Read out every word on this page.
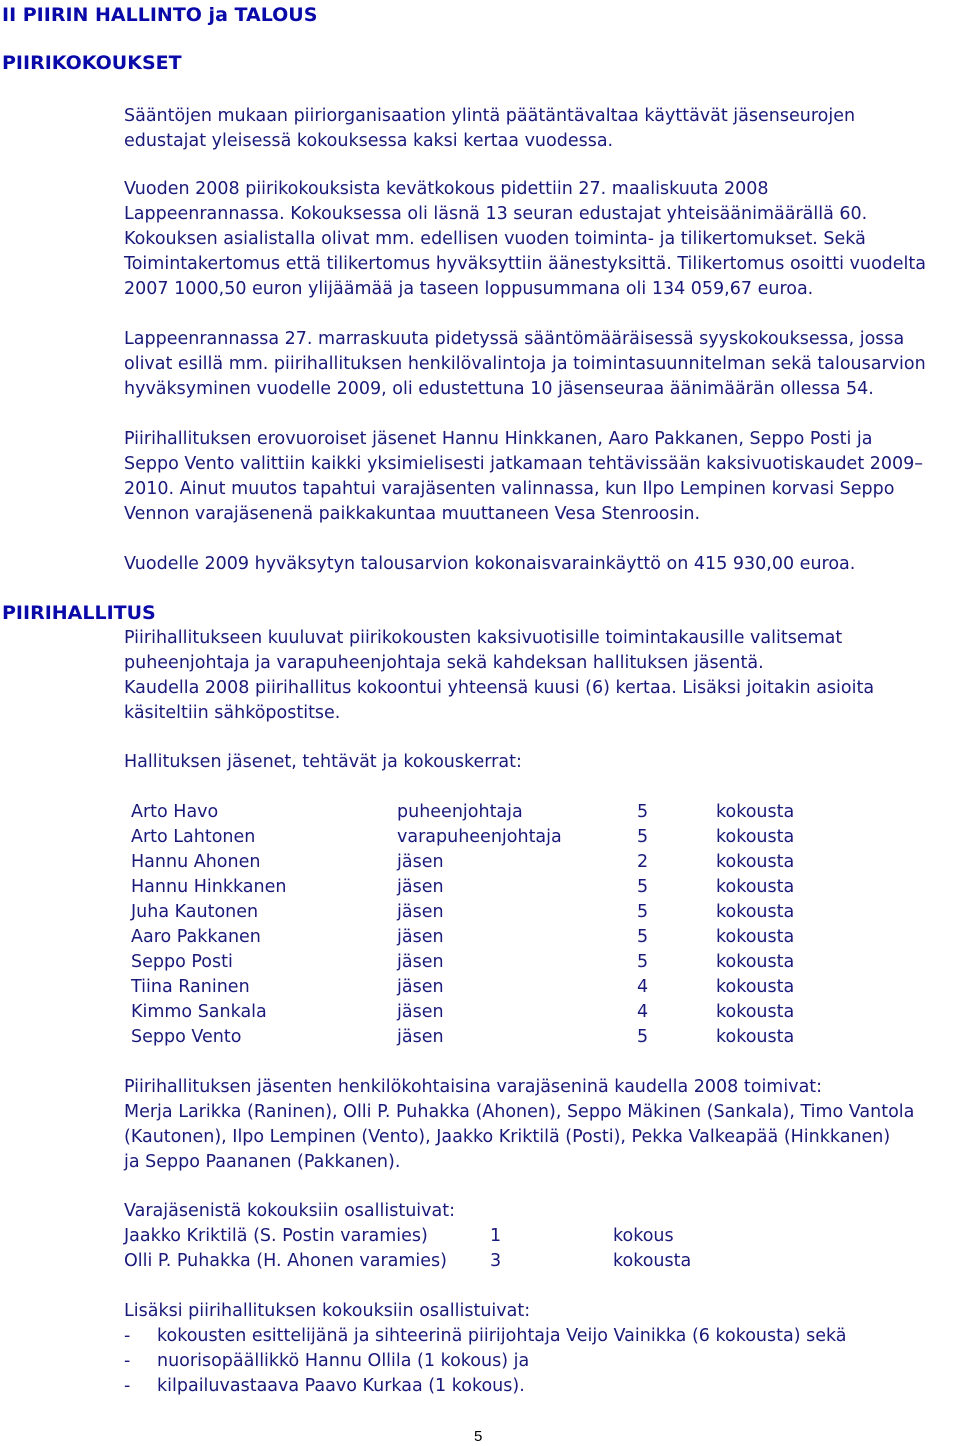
II PIIRIN HALLINTO ja TALOUS
PIIRIKOKOUKSET
Sääntöjen mukaan piiriorganisaation ylintä päätäntävaltaa käyttävät jäsenseurojen
edustajat yleisessä kokouksessa kaksi kertaa vuodessa.
Vuoden 2008 piirikokouksista kevätkokous pidettiin 27. maaliskuuta 2008
Lappeenrannassa. Kokouksessa oli läsnä 13 seuran edustajat yhteisäänimäärällä 60.
Kokouksen asialistalla olivat mm. edellisen vuoden toiminta- ja tilikertomukset. Sekä
Toimintakertomus että tilikertomus hyväksyttiin äänestyksittä. Tilikertomus osoitti vuodelta
2007 1000,50 euron ylijäämää ja taseen loppusummana oli 134 059,67 euroa.
Lappeenrannassa 27. marraskuuta pidetyssä sääntömääräisessä syyskokouksessa, jossa
olivat esillä mm. piirihallituksen henkilövalintoja ja toimintasuunnitelman sekä talousarvion
hyväksyminen vuodelle 2009, oli edustettuna 10 jäsenseuraa äänimäärän ollessa 54.
Piirihallituksen erovuoroiset jäsenet Hannu Hinkkanen, Aaro Pakkanen, Seppo Posti ja
Seppo Vento valittiin kaikki yksimielisesti jatkamaan tehtävissään kaksivuotiskaudet 2009–
2010. Ainut muutos tapahtui varajäsenten valinnassa, kun Ilpo Lempinen korvasi Seppo
Vennon varajäsenenä paikkakuntaa muuttaneen Vesa Stenroosin.
Vuodelle 2009 hyväksytyn talousarvion kokonaisvarainkäyttö on 415 930,00 euroa.
PIIRIHALLITUS
Piirihallitukseen kuuluvat piirikokousten kaksivuotisille toimintakausille valitsemat
puheenjohtaja ja varapuheenjohtaja sekä kahdeksan hallituksen jäsentä.
Kaudella 2008 piirihallitus kokoontui yhteensä kuusi (6) kertaa. Lisäksi joitakin asioita
käsiteltiin sähköpostitse.
Hallituksen jäsenet, tehtävät ja kokouskerrat:
Arto Havo	puheenjohtaja	5	kokousta
Arto Lahtonen	varapuheenjohtaja	5	kokousta
Hannu Ahonen	jäsen	2	kokousta
Hannu Hinkkanen	jäsen	5	kokousta
Juha Kautonen	jäsen	5	kokousta
Aaro Pakkanen	jäsen	5	kokousta
Seppo Posti	jäsen	5	kokousta
Tiina Raninen	jäsen	4	kokousta
Kimmo Sankala	jäsen	4	kokousta
Seppo Vento	jäsen	5	kokousta
Piirihallituksen jäsenten henkilökohtaisina varajäseninä kaudella 2008 toimivat:
Merja Larikka (Raninen), Olli P. Puhakka (Ahonen), Seppo Mäkinen (Sankala), Timo Vantola
(Kautonen), Ilpo Lempinen (Vento), Jaakko Kriktilä (Posti), Pekka Valkeapää (Hinkkanen)
ja Seppo Paananen (Pakkanen).
Varajäsenistä kokouksiin osallistuivat:
Jaakko Kriktilä (S. Postin varamies)	1	kokous
Olli P. Puhakka (H. Ahonen varamies) 3	kokousta
Lisäksi piirihallituksen kokouksiin osallistuivat:
- kokousten esittelijänä ja sihteerinä piirijohtaja Veijo Vainikka (6 kokousta) sekä
- nuorisopäällikkö Hannu Ollila (1 kokous) ja
- kilpailuvastaava Paavo Kurkaa (1 kokous).
5
